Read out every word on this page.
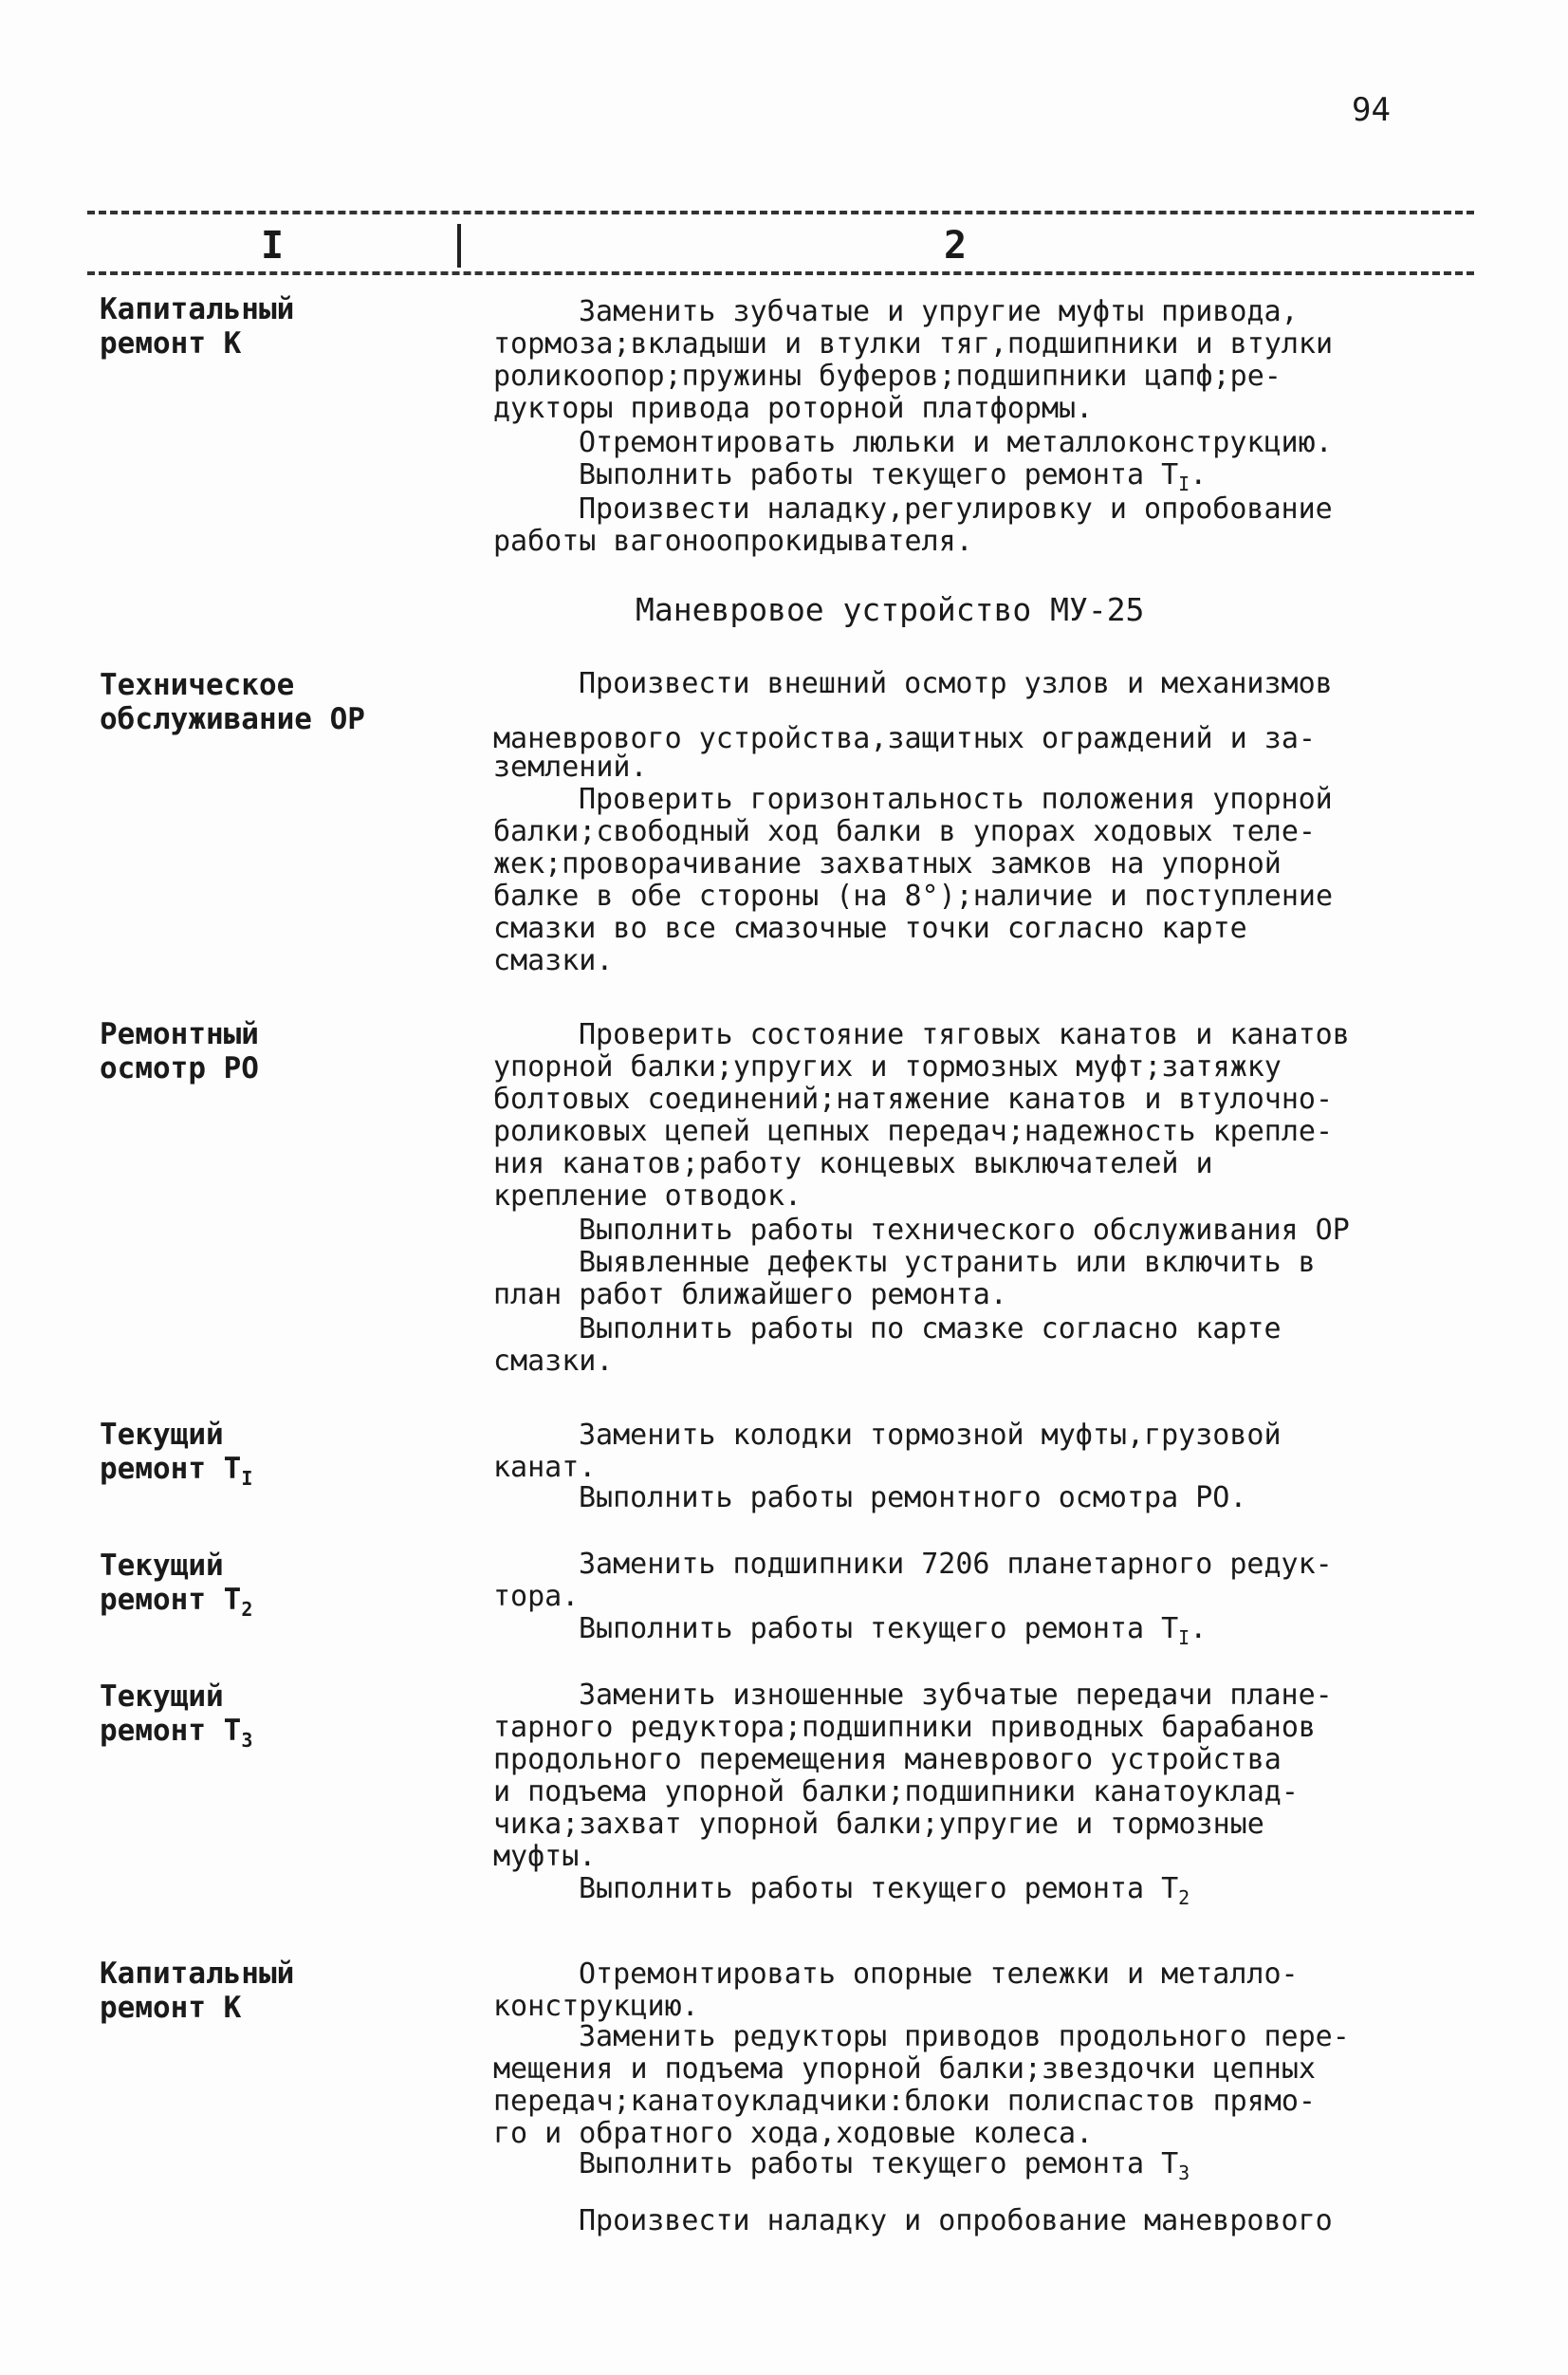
94
I	2
Капитальный
ремонт К
Заменить зубчатые и упругие муфты привода,
тормоза;вкладыши и втулки тяг,подшипники и втулки
роликоопор;пружины буферов;подшипники цапф;ре-
дукторы привода роторной платформы.
Отремонтировать люльки и металлоконструкцию.
Выполнить работы текущего ремонта $Т_I$.
Произвести наладку,регулировку и опробование
работы вагоноопрокидывателя.
Маневровое устройство МУ-25
Техническое
обслуживание ОР
Произвести внешний осмотр узлов и механизмов
маневрового устройства,защитных ограждений и за-
землений.
Проверить горизонтальность положения упорной
балки;свободный ход балки в упорах ходовых теле-
жек;проворачивание захватных замков на упорной
балке в обе стороны (на 8°);наличие и поступление
смазки во все смазочные точки согласно карте
смазки.
Ремонтный
осмотр РО
Проверить состояние тяговых канатов и канатов
упорной балки;упругих и тормозных муфт;затяжку
болтовых соединений;натяжение канатов и втулочно-
роликовых цепей цепных передач;надежность крепле-
ния канатов;работу концевых выключателей и
крепление отводок.
Выполнить работы технического обслуживания ОР
Выявленные дефекты устранить или включить в
план работ ближайшего ремонта.
Выполнить работы по смазке согласно карте
смазки.
Текущий
ремонт $Т_I$
Заменить колодки тормозной муфты,грузовой
канат.
Выполнить работы ремонтного осмотра РО.
Текущий
ремонт $Т_2$
Заменить подшипники 7206 планетарного редук-
тора.
Выполнить работы текущего ремонта $Т_I$.
Текущий
ремонт $Т_3$
Заменить изношенные зубчатые передачи плане-
тарного редуктора;подшипники приводных барабанов
продольного перемещения маневрового устройства
и подъема упорной балки;подшипники канатоуклад-
чика;захват упорной балки;упругие и тормозные
муфты.
Выполнить работы текущего ремонта $Т_2$
Капитальный
ремонт К
Отремонтировать опорные тележки и металло-
конструкцию.
Заменить редукторы приводов продольного пере-
мещения и подъема упорной балки;звездочки цепных
передач;канатоукладчики:блоки полиспастов прямо-
го и обратного хода,ходовые колеса.
Выполнить работы текущего ремонта $Т_3$
Произвести наладку и опробование маневрового
